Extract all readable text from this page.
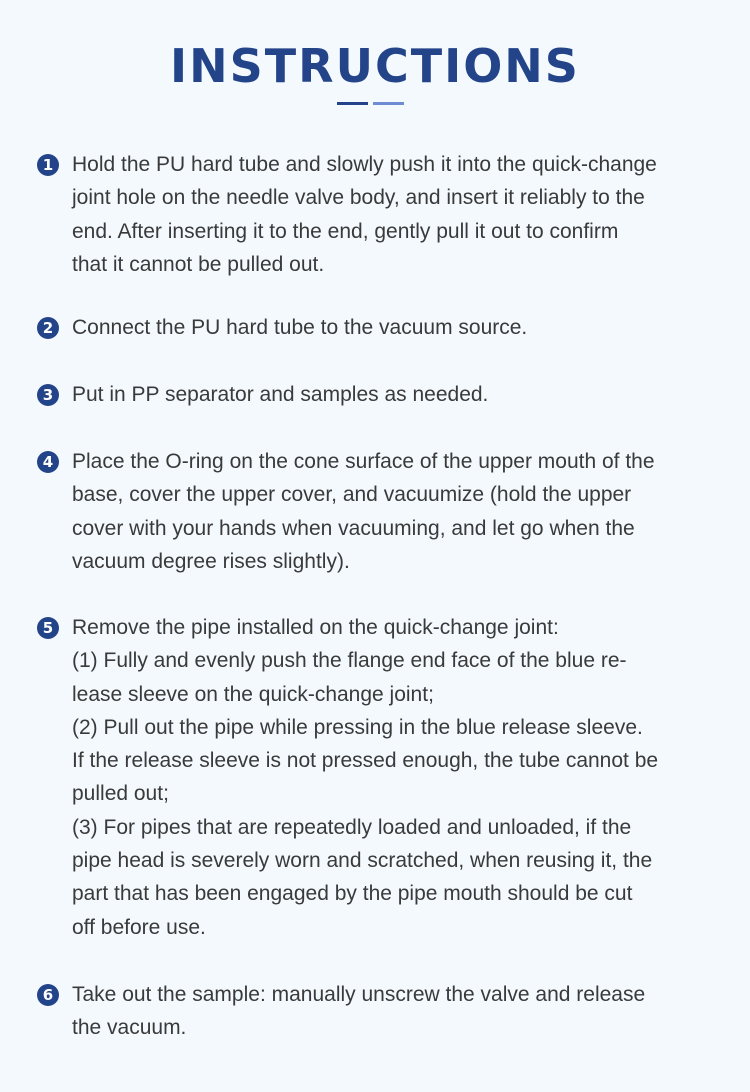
INSTRUCTIONS
1 Hold the PU hard tube and slowly push it into the quick-change
joint hole on the needle valve body, and insert it reliably to the
end. After inserting it to the end, gently pull it out to confirm
that it cannot be pulled out.
2 Connect the PU hard tube to the vacuum source.
3 Put in PP separator and samples as needed.
4 Place the O-ring on the cone surface of the upper mouth of the
base, cover the upper cover, and vacuumize (hold the upper
cover with your hands when vacuuming, and let go when the
vacuum degree rises slightly).
5 Remove the pipe installed on the quick-change joint:
(1) Fully and evenly push the flange end face of the blue re-
lease sleeve on the quick-change joint;
(2) Pull out the pipe while pressing in the blue release sleeve.
If the release sleeve is not pressed enough, the tube cannot be
pulled out;
(3) For pipes that are repeatedly loaded and unloaded, if the
pipe head is severely worn and scratched, when reusing it, the
part that has been engaged by the pipe mouth should be cut
off before use.
6 Take out the sample: manually unscrew the valve and release
the vacuum.
